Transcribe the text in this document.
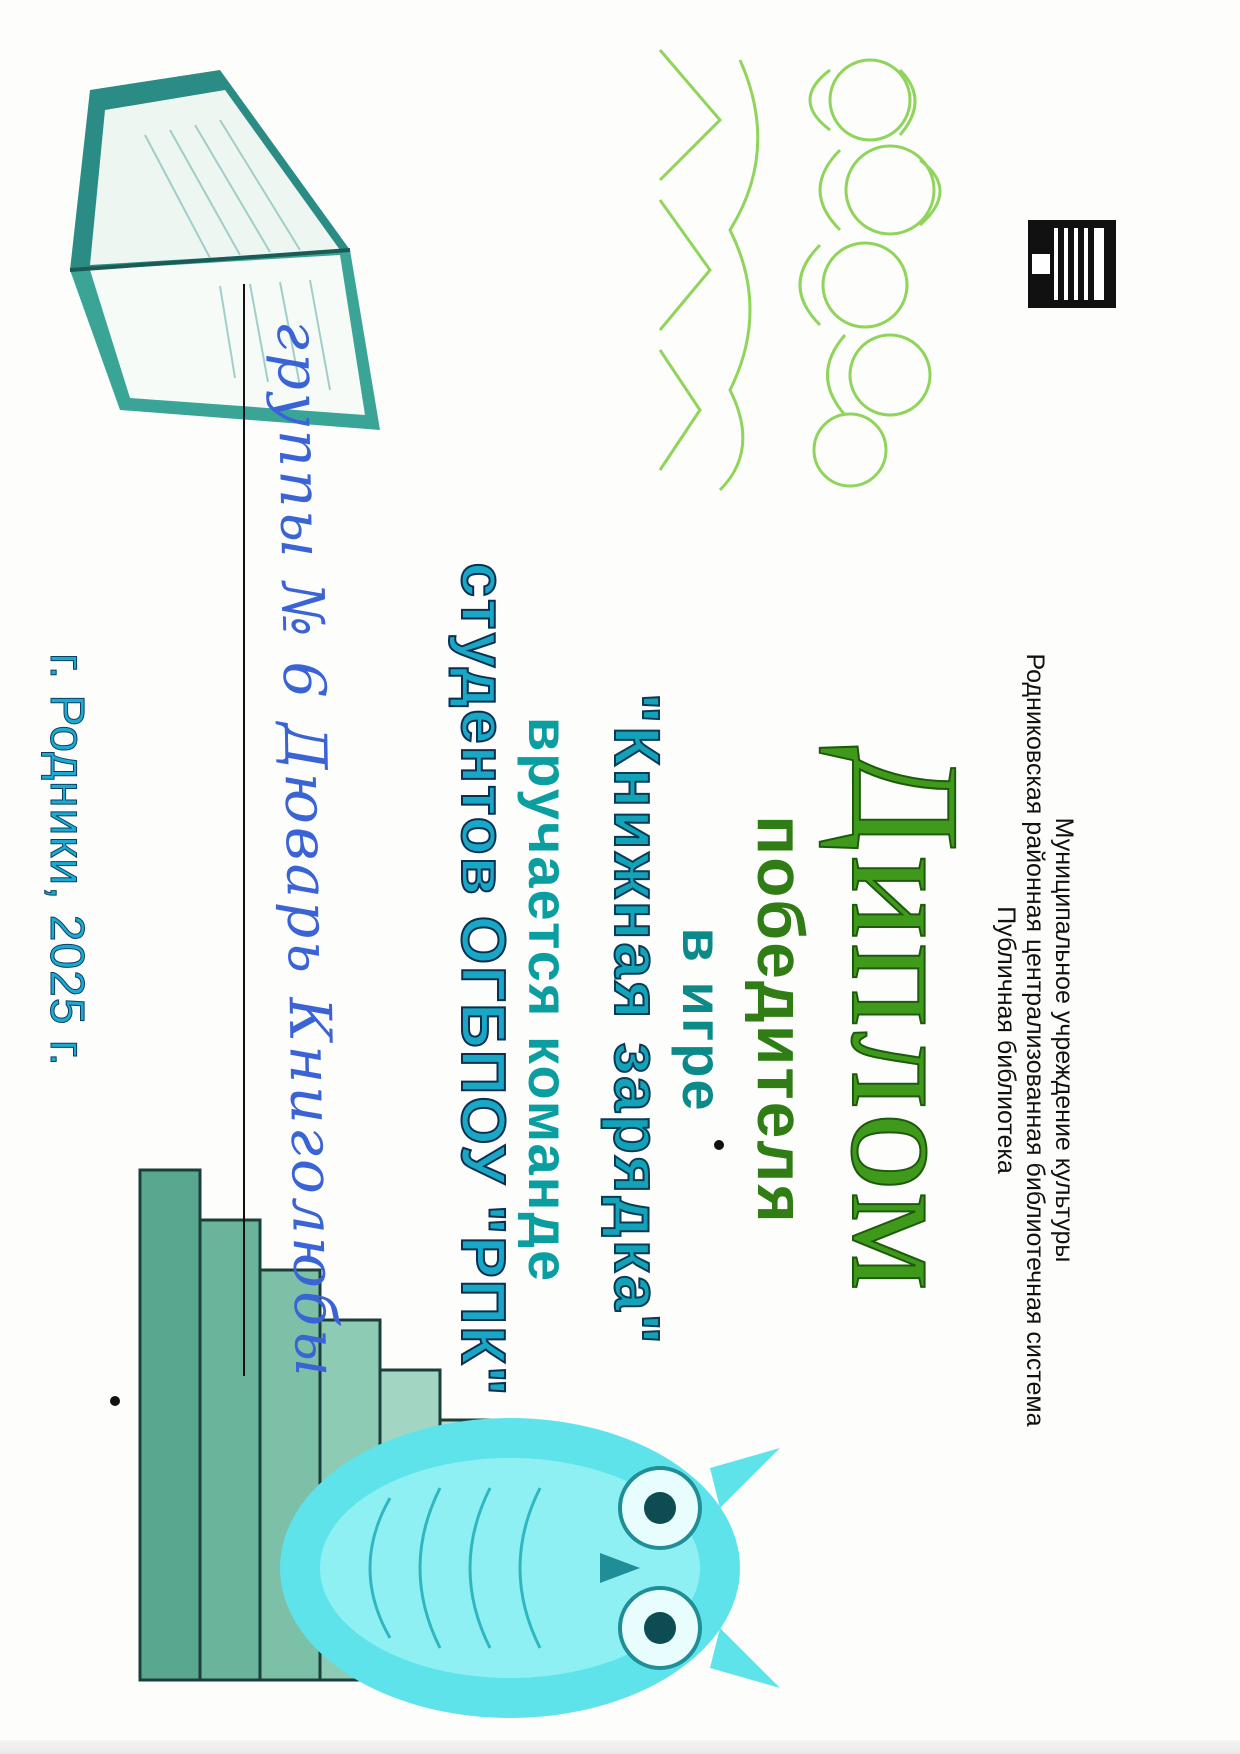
Муниципальное учреждение культуры
Родниковская районная централизованная библиотечная система
Публичная библиотека
Диплом
победителя
в игре
"Книжная зарядка"
вручается команде
студентов ОГБПОУ "РПК"
группы № 6 Дюварь Книголюбы
г. Родники, 2025 г.
